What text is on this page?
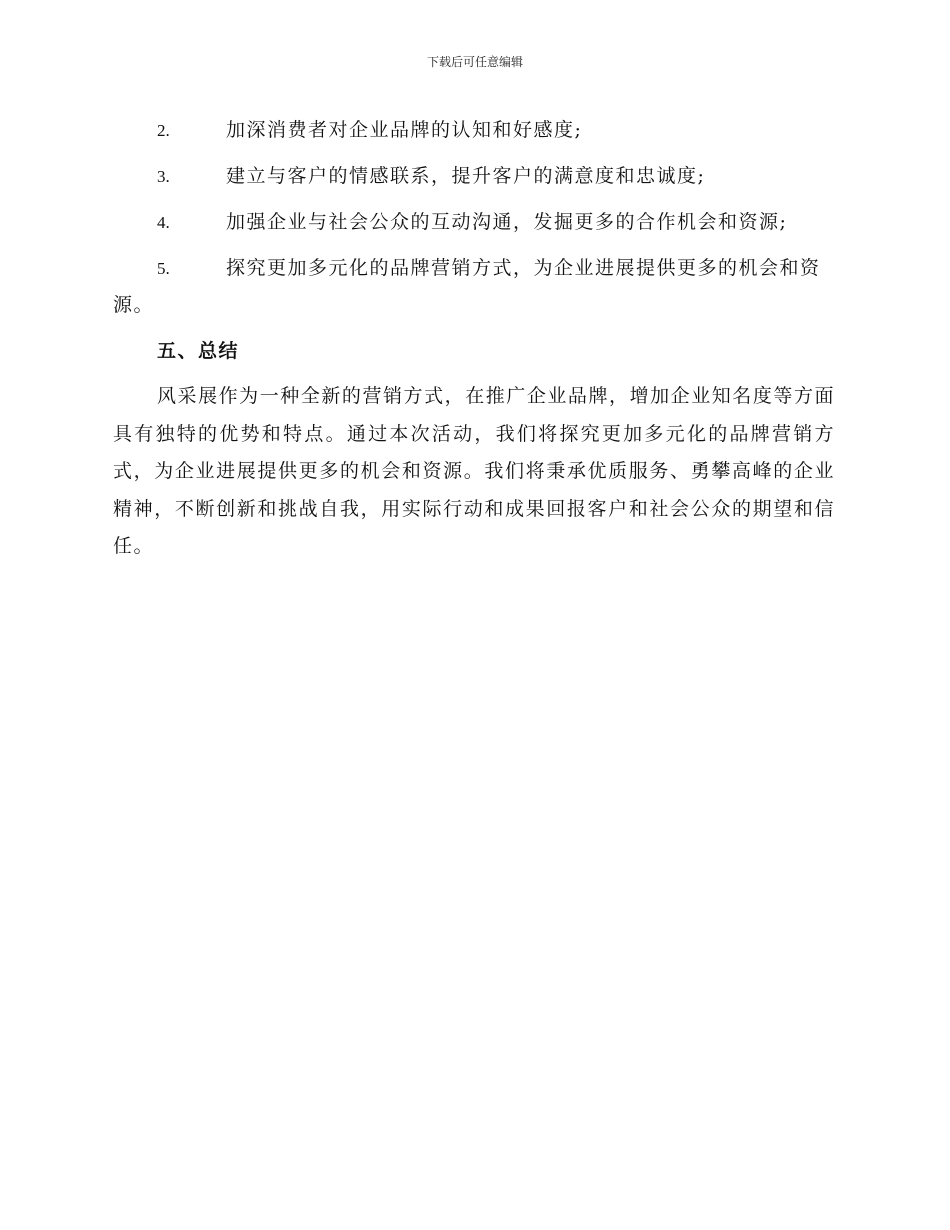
下载后可任意编辑
2.	加深消费者对企业品牌的认知和好感度;
3.	建立与客户的情感联系，提升客户的满意度和忠诚度;
4.	加强企业与社会公众的互动沟通，发掘更多的合作机会和资源;
5.	探究更加多元化的品牌营销方式，为企业进展提供更多的机会和资源。
五、总结

风采展作为一种全新的营销方式，在推广企业品牌，增加企业知名度等方面具有独特的优势和特点。通过本次活动，我们将探究更加多元化的品牌营销方式，为企业进展提供更多的机会和资源。我们将秉承优质服务、勇攀高峰的企业精神，不断创新和挑战自我，用实际行动和成果回报客户和社会公众的期望和信任。
